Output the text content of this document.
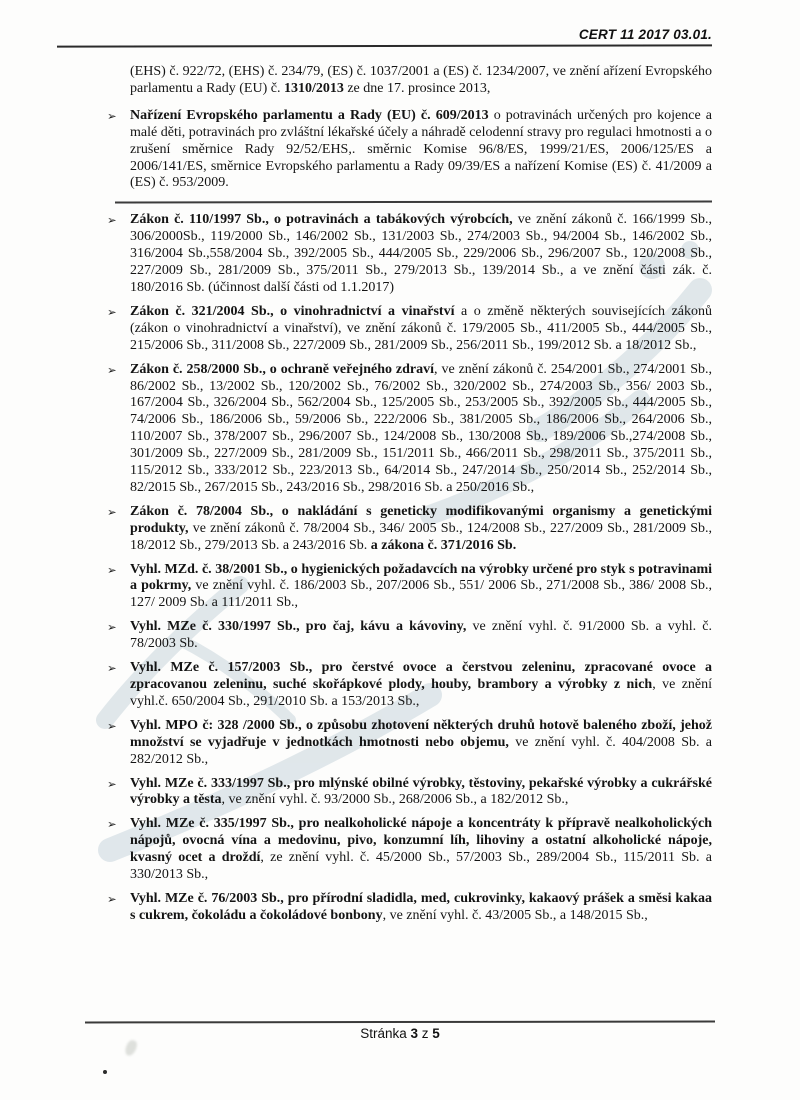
CERT 11 2017 03.01.

(EHS) č. 922/72, (EHS) č. 234/79, (ES) č. 1037/2001 a (ES) č. 1234/2007, ve znění ařízení Evropského parlamentu a Rady (EU) č. 1310/2013 ze dne 17. prosince 2013,

➢ Nařízení Evropského parlamentu a Rady (EU) č. 609/2013 o potravinách určených pro kojence a malé děti, potravinách pro zvláštní lékařské účely a náhradě celodenní stravy pro regulaci hmotnosti a o zrušení směrnice Rady 92/52/EHS,. směrnic Komise 96/8/ES, 1999/21/ES, 2006/125/ES a 2006/141/ES, směrnice Evropského parlamentu a Rady 09/39/ES a nařízení Komise (ES) č. 41/2009 a (ES) č. 953/2009.
➢ Zákon č. 110/1997 Sb., o potravinách a tabákových výrobcích, ve znění zákonů č. 166/1999 Sb., 306/2000Sb., 119/2000 Sb., 146/2002 Sb., 131/2003 Sb., 274/2003 Sb., 94/2004 Sb., 146/2002 Sb., 316/2004 Sb.,558/2004 Sb., 392/2005 Sb., 444/2005 Sb., 229/2006 Sb., 296/2007 Sb., 120/2008 Sb., 227/2009 Sb., 281/2009 Sb., 375/2011 Sb., 279/2013 Sb., 139/2014 Sb., a ve znění části zák. č. 180/2016 Sb. (účinnost další části od 1.1.2017)
➢ Zákon č. 321/2004 Sb., o vinohradnictví a vinařství a o změně některých souvisejících zákonů (zákon o vinohradnictví a vinařství), ve znění zákonů č. 179/2005 Sb., 411/2005 Sb., 444/2005 Sb., 215/2006 Sb., 311/2008 Sb., 227/2009 Sb., 281/2009 Sb., 256/2011 Sb., 199/2012 Sb. a 18/2012 Sb.,
➢ Zákon č. 258/2000 Sb., o ochraně veřejného zdraví, ve znění zákonů č. 254/2001 Sb., 274/2001 Sb., 86/2002 Sb., 13/2002 Sb., 120/2002 Sb., 76/2002 Sb., 320/2002 Sb., 274/2003 Sb., 356/ 2003 Sb., 167/2004 Sb., 326/2004 Sb., 562/2004 Sb., 125/2005 Sb., 253/2005 Sb., 392/2005 Sb., 444/2005 Sb., 74/2006 Sb., 186/2006 Sb., 59/2006 Sb., 222/2006 Sb., 381/2005 Sb., 186/2006 Sb., 264/2006 Sb., 110/2007 Sb., 378/2007 Sb., 296/2007 Sb., 124/2008 Sb., 130/2008 Sb., 189/2006 Sb.,274/2008 Sb., 301/2009 Sb., 227/2009 Sb., 281/2009 Sb., 151/2011 Sb., 466/2011 Sb., 298/2011 Sb., 375/2011 Sb., 115/2012 Sb., 333/2012 Sb., 223/2013 Sb., 64/2014 Sb., 247/2014 Sb., 250/2014 Sb., 252/2014 Sb., 82/2015 Sb., 267/2015 Sb., 243/2016 Sb., 298/2016 Sb. a 250/2016 Sb.,
➢ Zákon č. 78/2004 Sb., o nakládání s geneticky modifikovanými organismy a genetickými produkty, ve znění zákonů č. 78/2004 Sb., 346/ 2005 Sb., 124/2008 Sb., 227/2009 Sb., 281/2009 Sb., 18/2012 Sb., 279/2013 Sb. a 243/2016 Sb. a zákona č. 371/2016 Sb.
➢ Vyhl. MZd. č. 38/2001 Sb., o hygienických požadavcích na výrobky určené pro styk s potravinami a pokrmy, ve znění vyhl. č. 186/2003 Sb., 207/2006 Sb., 551/ 2006 Sb., 271/2008 Sb., 386/ 2008 Sb., 127/ 2009 Sb. a 111/2011 Sb.,
➢ Vyhl. MZe č. 330/1997 Sb., pro čaj, kávu a kávoviny, ve znění vyhl. č. 91/2000 Sb. a vyhl. č. 78/2003 Sb.
➢ Vyhl. MZe č. 157/2003 Sb., pro čerstvé ovoce a čerstvou zeleninu, zpracované ovoce a zpracovanou zeleninu, suché skořápkové plody, houby, brambory a výrobky z nich, ve znění vyhl.č. 650/2004 Sb., 291/2010 Sb. a 153/2013 Sb.,
➢ Vyhl. MPO č: 328 /2000 Sb., o způsobu zhotovení některých druhů hotově baleného zboží, jehož množství se vyjadřuje v jednotkách hmotnosti nebo objemu, ve znění vyhl. č. 404/2008 Sb. a 282/2012 Sb.,
➢ Vyhl. MZe č. 333/1997 Sb., pro mlýnské obilné výrobky, těstoviny, pekařské výrobky a cukrářské výrobky a těsta, ve znění vyhl. č. 93/2000 Sb., 268/2006 Sb., a 182/2012 Sb.,
➢ Vyhl. MZe č. 335/1997 Sb., pro nealkoholické nápoje a koncentráty k přípravě nealkoholických nápojů, ovocná vína a medovinu, pivo, konzumní líh, lihoviny a ostatní alkoholické nápoje, kvasný ocet a droždí, ze znění vyhl. č. 45/2000 Sb., 57/2003 Sb., 289/2004 Sb., 115/2011 Sb. a 330/2013 Sb.,
➢ Vyhl. MZe č. 76/2003 Sb., pro přírodní sladidla, med, cukrovinky, kakaový prášek a směsi kakaa s cukrem, čokoládu a čokoládové bonbony, ve znění vyhl. č. 43/2005 Sb., a 148/2015 Sb.,
Stránka 3 z 5
